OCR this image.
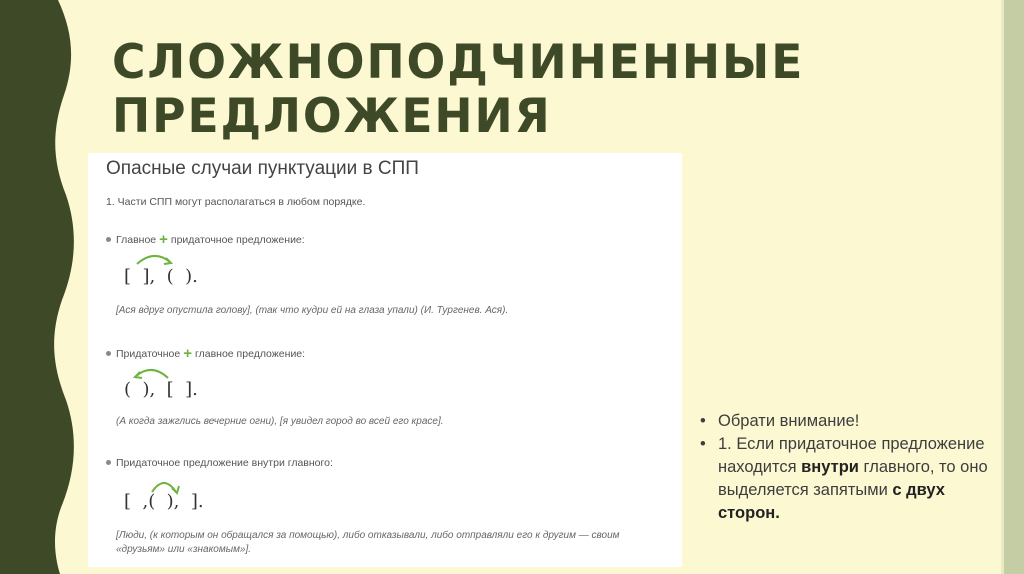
СЛОЖНОПОДЧИНЕННЫЕ
ПРЕДЛОЖЕНИЯ
Опасные случаи пунктуации в СПП
1. Части СПП могут располагаться в любом порядке.
Главное + придаточное предложение:
[  ],  (  ).
[Ася вдруг опустила голову], (так что кудри ей на глаза упали) (И. Тургенев. Ася).
Придаточное + главное предложение:
(  ),  [  ].
(А когда зажглись вечерние огни), [я увидел город во всей его красе].
Придаточное предложение внутри главного:
[  ,(  ),  ].
[Люди, (к которым он обращался за помощью), либо отказывали, либо отправляли его к другим — своим
«друзьям» или «знакомым»].
• Обрати внимание!
• 1. Если придаточное предложение находится внутри главного, то оно выделяется запятыми с двух сторон.
